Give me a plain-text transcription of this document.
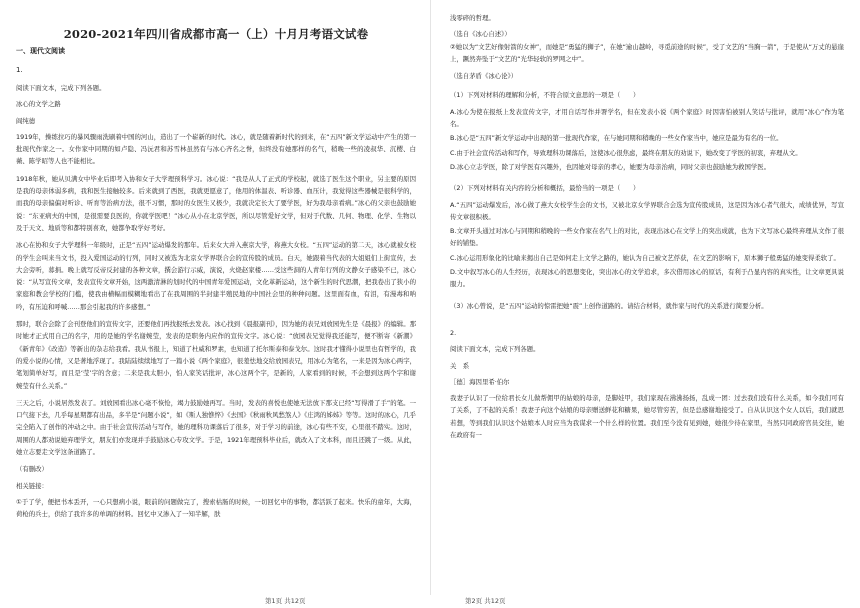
2020-2021年四川省成都市高一（上）十月月考语文试卷
一、现代文阅读
1.

阅读下面文本，完成下列各题。

冰心的文学之路

阎纯德

1919年，操练拉巧的暴风骤雨洗刷着中国的河山，造出了一个崭新的时代。冰心，就是随着新时代的到来，在“五四”新文学运动中产生的第一批现代作家之一。女作家中同期的如卢隐、冯沅君和苏雪林虽然有与冰心齐名之誉，但终没有她那样的名气，稍晚一些的凌叔华、沉樱、白薇、陈学昭等人也不能相比。

1918年秋，她从贝满女中毕业后即考入协和女子大学理预科学习。冰心说：“我是从人了正式的学校起，就选了医生这个职业，另主要的原因是我的母亲体弱多病，我和医生接触较多。后来就到了西医，我就更愿意了，他用的体温表、听诊器、血压计，我觉得这些器械是很科学的，而我的母亲偏偏对听诊、听育等治病方法，很不习惯，那时的女医生又极少，我就决定长大了要学医，好为我母亲看病。”冰心的父亲也鼓励她说：“东亚病夫的中国，是很需要良医的，你就学医吧！”冰心从小在北京学医，所以尽管爱好文学，但对于代数、几何、物理、化学、生物以及于天文、地质等和都特别喜欢，她都争取学好考好。

冰心在协和女子大学理科一年级时，正是“五四”运动爆发的那年。后来女大并入燕京大学，称燕大女校。“五四”运动的第二天，冰心就被女校的学生会叫来当文书，投入爱国运动的行列，同时又被选为北京女学界联合会的宣传股的成员。白天，她跟着当代表的大姐姐们上街宣传，去大会旁听，募捐。晚上就写反帝反封建的各种文章，撰会游行示威，演说，火烧赵家楼……受这些洞的人青年行列的文静女子感染不已，冰心说：“从写宣传文章，发表宣传文章开始，这两激清淋的划时代的中国青年爱国运动，文化革新运动，这个新生的时代思潮，把我卷出了狭小的家庭和教会学校的门槛，使我由横幅而模糊地看出了在我周围的半封建半殖民地的中国社会里的种种问题。这里面有血，有泪，有漫毒和呐吟，有压迫和呼喊……那会引起我的许多感想。”

那时，联合会除了会刊登他们的宣传文字，还要他们再找报纸去发表。冰心找到《晨报副刊》，因为她的表兄刘放园先生是《晨报》的编辑。那时她才正式用自己的名字，用的是她的学名谢婉莹，发表的是职务内应作的宣传文字。冰心说：“放园表兄觉得我还能写，便不断寄《新潮》《新青年》《改造》等新出的杂志给我看。我从书报上，知道了杜威和罗素，也知道了托尔斯泰和泰戈尔。这时我才懂得小说里也有哲学的，我的爱小说的心情，又是著地浮现了。我陆陆续续地写了一篇小说《两个家庭》，很羞怯地交给放园表兄，用冰心为笔名，一来是因为冰心两字，笔划简单好写，而且是‘莹’字的含意；二来是我太胆小，怕人家笑话批评，冰心这两个字，是新的，人家看到的时候，不会想到这两个字和谢婉莹有什么关系。”

三天之后，小说居然发表了。刘放园看出冰心毫不恢怆，竭力鼓励她再写。当时，发表的喜悦也使她无法放下那支已经“写得滑了手”的笔。一口气接下去，几乎每星期都有出品，多半是“问题小说”，如《斯人独憔悴》《去国》《秋雨秋风愁煞人》《庄鸿的姊姊》等等。这时的冰心，几乎完全陷入了创作的冲动之中。由于社会宣传活动与写作，她的理科功课落后了很多，对于学习的前途，冰心有些不安，心里很不踏实。这时，周围的人都劝说她弃理学文，朋友们亦发现并手鼓励冰心专攻文学。于是，1921年理预科毕业后，就改入了文本科，而且还跳了一级。从此，她立志要走文学这条道路了。

（有删改）

相关链接：

①于了学，便把书本丢开，一心只想病小说，眼前的问题做完了，搜索枯肠的时候，一切回忆中的事物，都活跃了起来。快乐的童年，大海，荷枪的兵士，供给了我许多的单调的材料。回忆中又渗入了一知半解，肤

浅零碎的哲理。

（选自《冰心自述》）

②她以为“文艺好像射箭的女神”，而她是“勇猛的狮子”，在她“逾山越岭，寻觅前途的时候”，受了文艺的“当胸一箭”，于是使从“万丈的悬崖上，蹶然奔坠于“文艺的“光华轻软的罗网之中”。

（选自茅盾《冰心论》）

（1）下列对材料的理解和分析，不符合原文意思的一项是（　　）

A.冰心为使在报纸上发表宣传文字，才用自话写作并署学名，但在发表小说《两个家庭》时因害怕被别人笑话与批评，就用“冰心”作为笔名。

B.冰心是“五四”新文学运动中出现的第一批现代作家，在与她同期和稍晚的一些女作家当中，她应是最为有名的一位。

C.由于社会宣传活动和写作，导致理科功课落后，这使冰心很焦虑，最终在朋友的劝说下，她改变了学医的初衷，弃理从文。

D.冰心立志学医，除了对学医有兴趣外，也因她对母亲的孝心，她要为母亲治病，同时父亲也鼓励她为救国学医。

（2）下列对材料有关内容的分析和概括，最恰当的一项是（　　）

A.“五四”运动爆发后，冰心做了燕大女校学生会的文书，又被北京女学界联合会选为宣传股成员，这是因为冰心者气很大，成绩优异，写宣传文章很积极。

B.文章开头通过对冰心与同期和稍晚的一些女作家在名气上的对比，表现出冰心在文学上的突出成就，也为下文写冰心最终弃理从文作了很好的铺垫。

C.冰心运用形象化的比喻来揭出自己是如何走上文学之路的，她认为自己被文艺俘获，在文艺的影响下，原本狮子般勇猛的她变得柔软了。

D.文中叙写冰心的人生经历，表现冰心的思想变化，突出冰心的文学追求，多次借用冰心的原话，有利于凸显内容的真实性，让文章更具说服力。

（3）冰心曾说，是“五四”运动的惊雷把她“震”上创作道路的。请结合材料，就作家与时代的关系进行简要分析。

2.

阅读下面文本，完成下列各题。

关　系

［德］海因里希·伯尔

我妻子认识了一位给君长女儿做帮佣甲的姑娘的母亲，是脚娃甲，我们家现在沸沸扬扬，乱成一团：过去我们没有什么关系，如今我们可有了关系，了不起的关系！我妻子向这个姑娘的母亲赠送鲜花和糖果，她尽管穷苦，但是总感谢地接受了。自从认识这个女人以后，我们就思若想，等到我们认识这个姑娘本人时应当为我谋求一个什么样的位置。我们至今没有见到她，她很少待在家里，当然只同政府官员交往，她在政府有一

第1页 共12页	第2页 共12页
